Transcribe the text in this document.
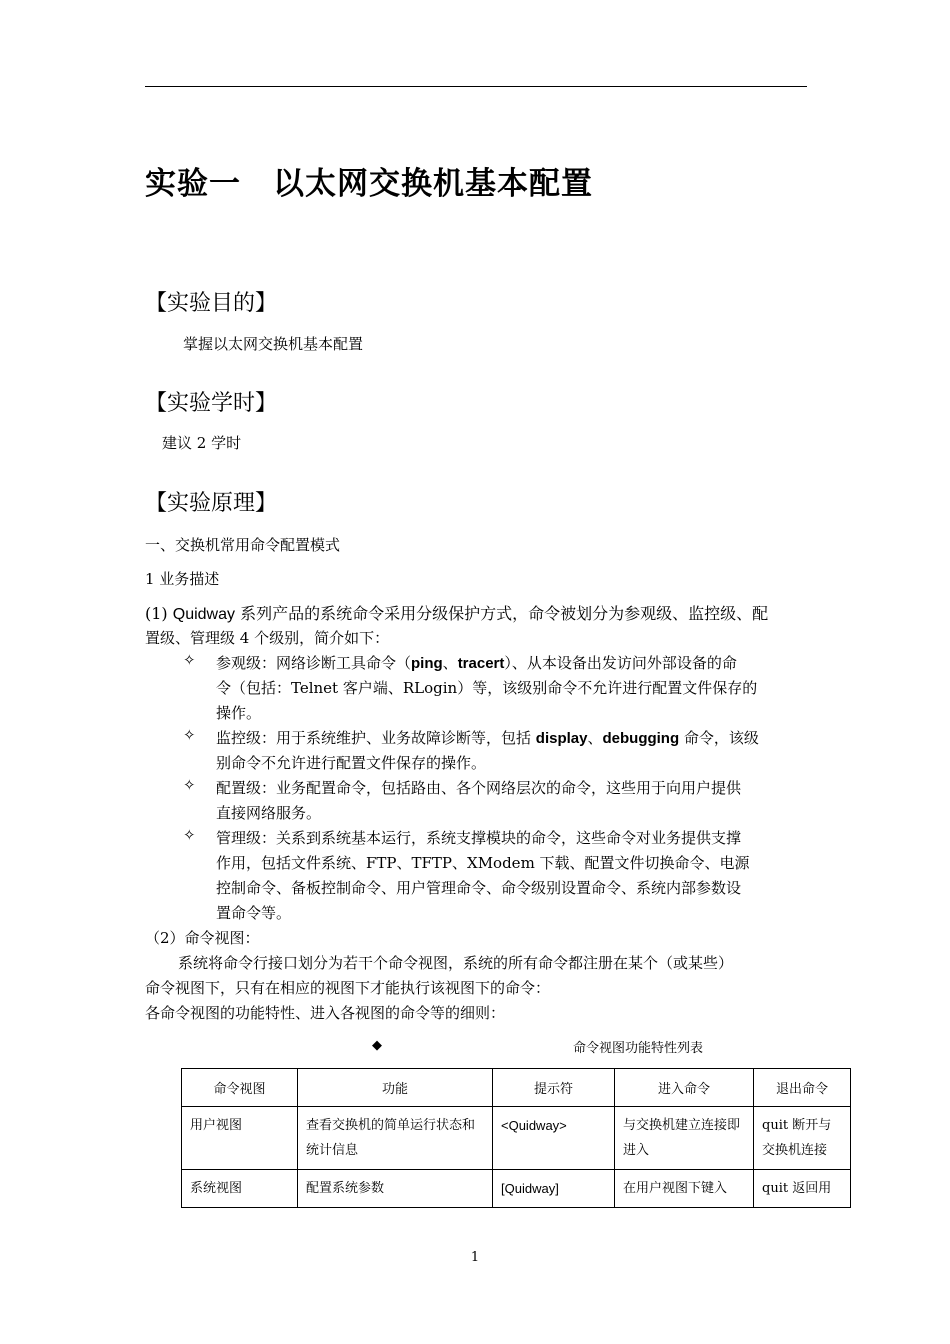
实验一　以太网交换机基本配置
【实验目的】
掌握以太网交换机基本配置
【实验学时】
建议 2 学时
【实验原理】
一、交换机常用命令配置模式
1 业务描述
(1) Quidway 系列产品的系统命令采用分级保护方式，命令被划分为参观级、监控级、配
置级、管理级 4 个级别，简介如下：
✧ 参观级：网络诊断工具命令（ping、tracert）、从本设备出发访问外部设备的命
令（包括：Telnet 客户端、RLogin）等，该级别命令不允许进行配置文件保存的
操作。
✧ 监控级：用于系统维护、业务故障诊断等，包括 display、debugging 命令，该级
别命令不允许进行配置文件保存的操作。
✧ 配置级：业务配置命令，包括路由、各个网络层次的命令，这些用于向用户提供
直接网络服务。
✧ 管理级：关系到系统基本运行，系统支撑模块的命令，这些命令对业务提供支撑
作用，包括文件系统、FTP、TFTP、XModem 下载、配置文件切换命令、电源
控制命令、备板控制命令、用户管理命令、命令级别设置命令、系统内部参数设
置命令等。
（2）命令视图：
系统将命令行接口划分为若干个命令视图，系统的所有命令都注册在某个（或某些）
命令视图下，只有在相应的视图下才能执行该视图下的命令：
各命令视图的功能特性、进入各视图的命令等的细则：
◆	命令视图功能特性列表
命令视图	功能	提示符	进入命令	退出命令
用户视图	查看交换机的简单运行状态和统计信息	<Quidway>	与交换机建立连接即进入	quit 断开与交换机连接
系统视图	配置系统参数	[Quidway]	在用户视图下键入	quit 返回用
1
